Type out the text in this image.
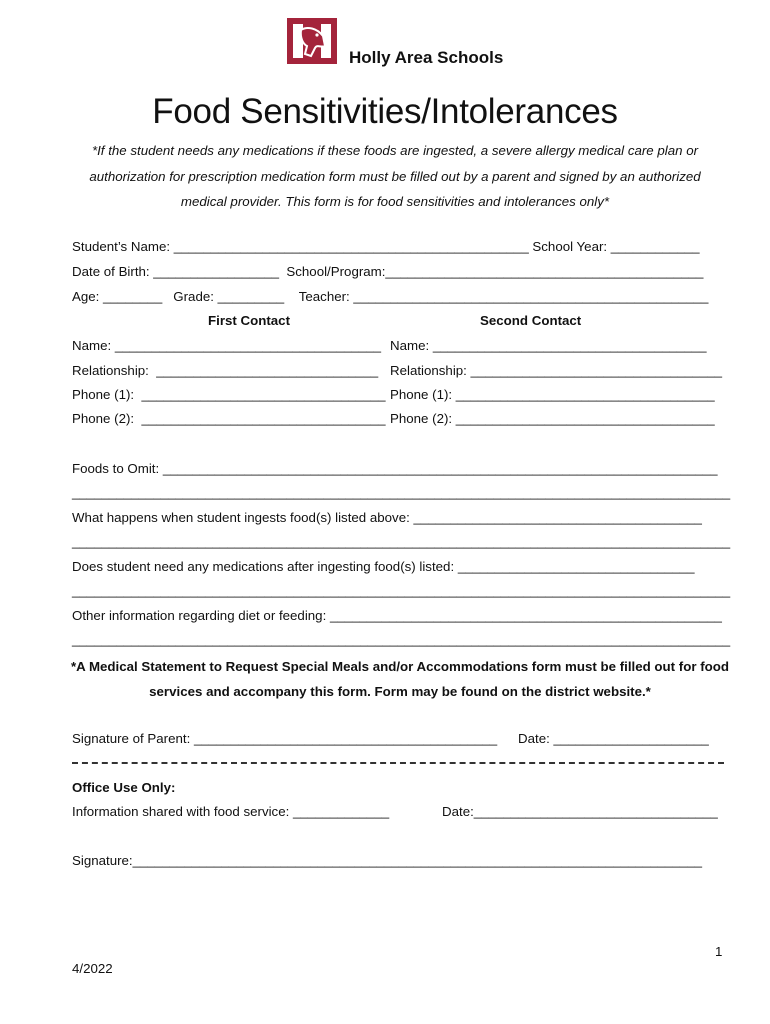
Holly Area Schools
Food Sensitivities/Intolerances
*If the student needs any medications if these foods are ingested, a severe allergy medical care plan or authorization for prescription medication form must be filled out by a parent and signed by an authorized medical provider. This form is for food sensitivities and intolerances only*
Student’s Name: ________________________________________________ School Year: ____________
Date of Birth: _________________  School/Program:___________________________________________
Age: ________   Grade: _________    Teacher: ________________________________________________
First Contact	Second Contact
Name: ____________________________________ Name: _____________________________________
Relationship:  ______________________________ Relationship: __________________________________
Phone (1):  _________________________________ Phone (1): ___________________________________
Phone (2):  _________________________________ Phone (2): ___________________________________
Foods to Omit: ___________________________________________________________________________
_________________________________________________________________________________________
What happens when student ingests food(s) listed above: _______________________________________
_________________________________________________________________________________________
Does student need any medications after ingesting food(s) listed: ________________________________
_________________________________________________________________________________________
Other information regarding diet or feeding: _____________________________________________________
_________________________________________________________________________________________
*A Medical Statement to Request Special Meals and/or Accommodations form must be filled out for food services and accompany this form. Form may be found on the district website.*
Signature of Parent: _________________________________________ Date: _____________________
Office Use Only:
Information shared with food service: _____________	Date:_________________________________
Signature:_____________________________________________________________________________
1
4/2022
